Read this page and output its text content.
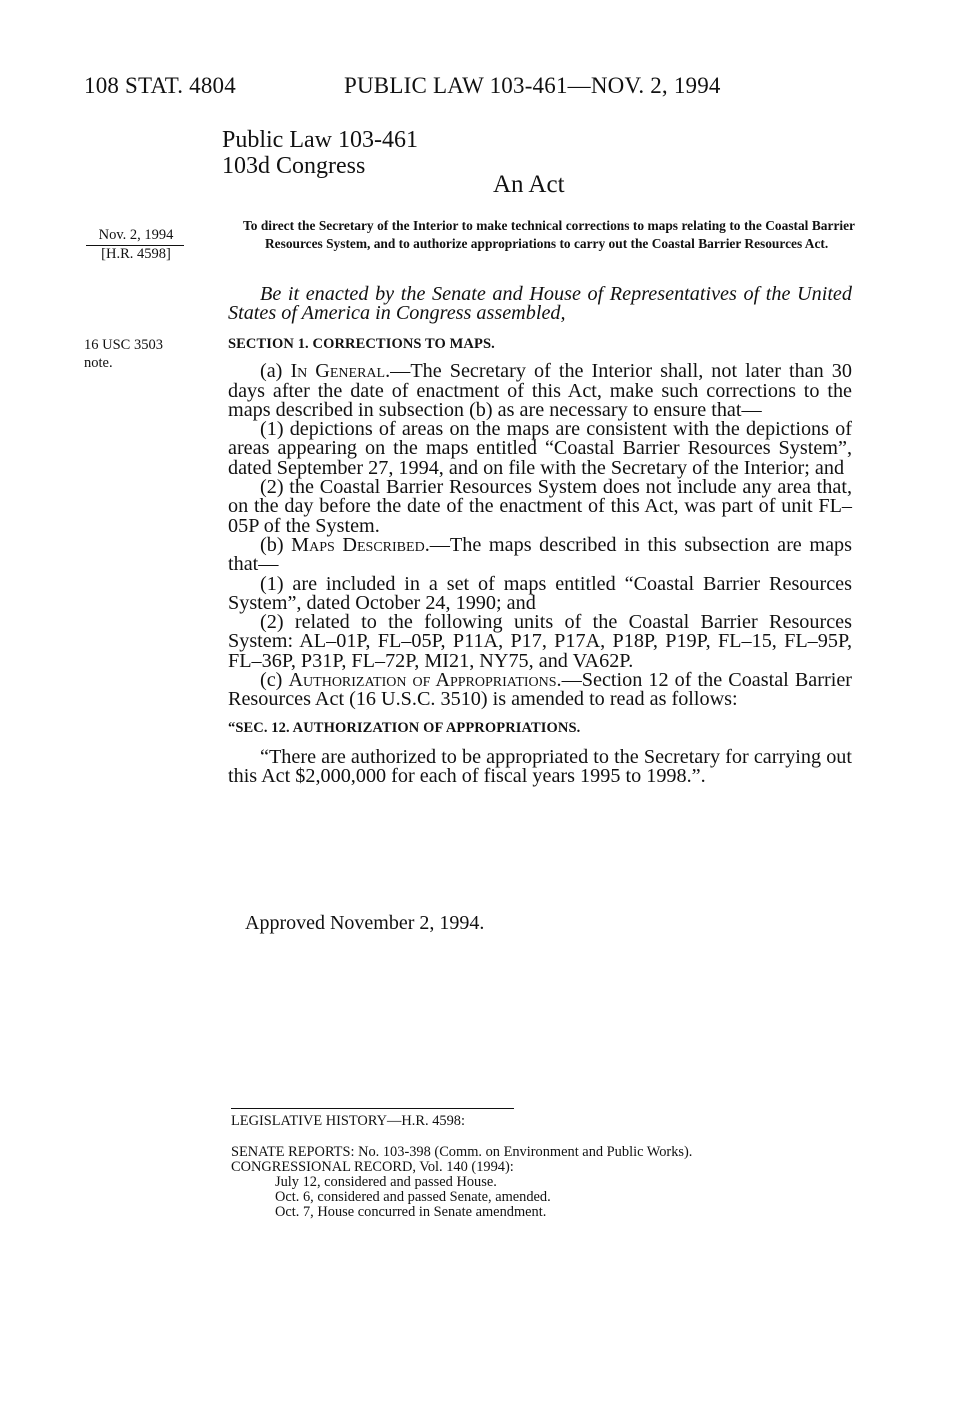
108 STAT. 4804	PUBLIC LAW 103-461—NOV. 2, 1994
Public Law 103-461
103d Congress
An Act
Nov. 2, 1994
[H.R. 4598]
16 USC 3503
note.
To direct the Secretary of the Interior to make technical corrections to maps relating to the Coastal Barrier Resources System, and to authorize appropriations to carry out the Coastal Barrier Resources Act.
Be it enacted by the Senate and House of Representatives of the United States of America in Congress assembled,
SECTION 1. CORRECTIONS TO MAPS.

(a) In General.—The Secretary of the Interior shall, not later than 30 days after the date of enactment of this Act, make such corrections to the maps described in subsection (b) as are necessary to ensure that—

(1) depictions of areas on the maps are consistent with the depictions of areas appearing on the maps entitled “Coastal Barrier Resources System”, dated September 27, 1994, and on file with the Secretary of the Interior; and

(2) the Coastal Barrier Resources System does not include any area that, on the day before the date of the enactment of this Act, was part of unit FL–05P of the System.

(b) Maps Described.—The maps described in this subsection are maps that—

(1) are included in a set of maps entitled “Coastal Barrier Resources System”, dated October 24, 1990; and

(2) related to the following units of the Coastal Barrier Resources System: AL–01P, FL–05P, P11A, P17, P17A, P18P, P19P, FL–15, FL–95P, FL–36P, P31P, FL–72P, MI21, NY75, and VA62P.

(c) Authorization of Appropriations.—Section 12 of the Coastal Barrier Resources Act (16 U.S.C. 3510) is amended to read as follows:

“SEC. 12. AUTHORIZATION OF APPROPRIATIONS.

“There are authorized to be appropriated to the Secretary for carrying out this Act $2,000,000 for each of fiscal years 1995 to 1998.”.

Approved November 2, 1994.
LEGISLATIVE HISTORY—H.R. 4598:
SENATE REPORTS: No. 103-398 (Comm. on Environment and Public Works).
CONGRESSIONAL RECORD, Vol. 140 (1994):
July 12, considered and passed House.
Oct. 6, considered and passed Senate, amended.
Oct. 7, House concurred in Senate amendment.
